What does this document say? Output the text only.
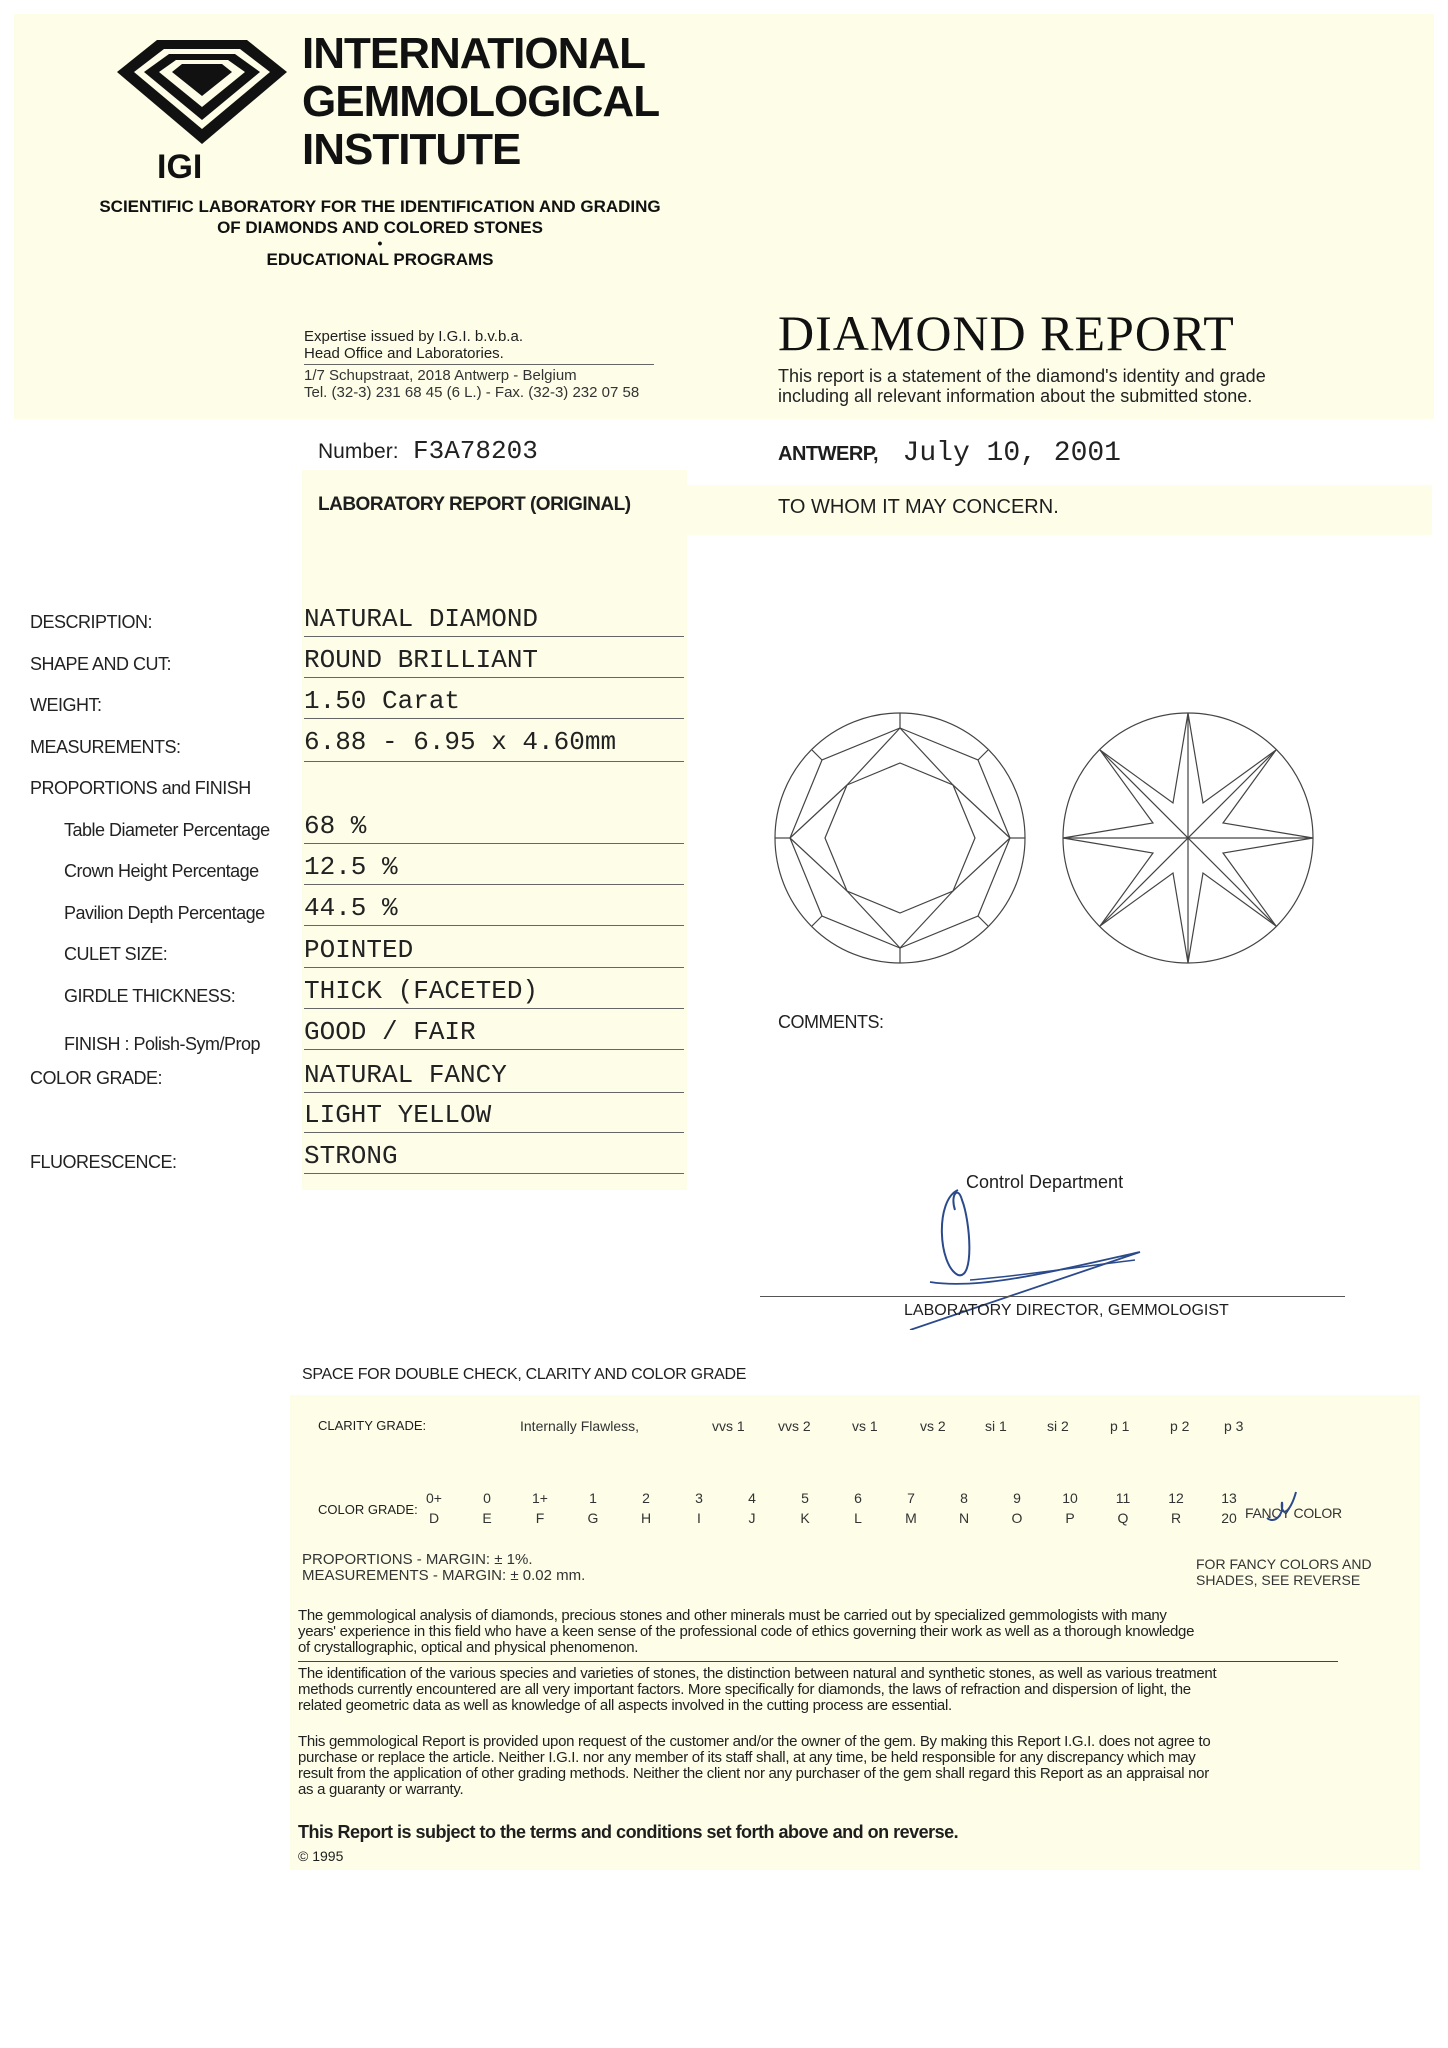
IGI
INTERNATIONAL
GEMMOLOGICAL
INSTITUTE
SCIENTIFIC LABORATORY FOR THE IDENTIFICATION AND GRADING
OF DIAMONDS AND COLORED STONES
•
EDUCATIONAL PROGRAMS
Expertise issued by I.G.I. b.v.b.a.
Head Office and Laboratories.
1/7 Schupstraat, 2018 Antwerp - Belgium
Tel. (32-3) 231 68 45 (6 L.) - Fax. (32-3) 232 07 58
DIAMOND REPORT
This report is a statement of the diamond's identity and grade
including all relevant information about the submitted stone.
Number: F3A78203	ANTWERP, July 10, 2001
LABORATORY REPORT (ORIGINAL)	TO WHOM IT MAY CONCERN.
DESCRIPTION:	NATURAL DIAMOND
SHAPE AND CUT:	ROUND BRILLIANT
WEIGHT:	1.50 Carat
MEASUREMENTS:	6.88 - 6.95 x 4.60mm
PROPORTIONS and FINISH
Table Diameter Percentage 68 %
Crown Height Percentage 12.5 %
Pavilion Depth Percentage 44.5 %
CULET SIZE:	POINTED
GIRDLE THICKNESS:	THICK (FACETED)
FINISH : Polish-Sym/Prop GOOD / FAIR
COLOR GRADE:	NATURAL FANCY
LIGHT YELLOW
FLUORESCENCE:	STRONG
COMMENTS:
Control Department
LABORATORY DIRECTOR, GEMMOLOGIST
SPACE FOR DOUBLE CHECK, CLARITY AND COLOR GRADE
CLARITY GRADE:	Internally Flawless,	vvs 1 vvs 2	vs 1	vs 2	si 1	si 2	p 1	p 2 p 3
COLOR GRADE:
0+	0	1+	1	2	3	4	5	6	7	8	9	10	11	12	13
D	E	F	G	H	I	J	K	L	M	N	O	P	Q	R	20 FANCY COLOR
PROPORTIONS - MARGIN: ± 1%.
MEASUREMENTS - MARGIN: ± 0.02 mm.
FOR FANCY COLORS AND
SHADES, SEE REVERSE
The gemmological analysis of diamonds, precious stones and other minerals must be carried out by specialized gemmologists with many
years' experience in this field who have a keen sense of the professional code of ethics governing their work as well as a thorough knowledge
of crystallographic, optical and physical phenomenon.
The identification of the various species and varieties of stones, the distinction between natural and synthetic stones, as well as various treatment
methods currently encountered are all very important factors. More specifically for diamonds, the laws of refraction and dispersion of light, the
related geometric data as well as knowledge of all aspects involved in the cutting process are essential.
This gemmological Report is provided upon request of the customer and/or the owner of the gem. By making this Report I.G.I. does not agree to
purchase or replace the article. Neither I.G.I. nor any member of its staff shall, at any time, be held responsible for any discrepancy which may
result from the application of other grading methods. Neither the client nor any purchaser of the gem shall regard this Report as an appraisal nor
as a guaranty or warranty.
This Report is subject to the terms and conditions set forth above and on reverse.
© 1995
